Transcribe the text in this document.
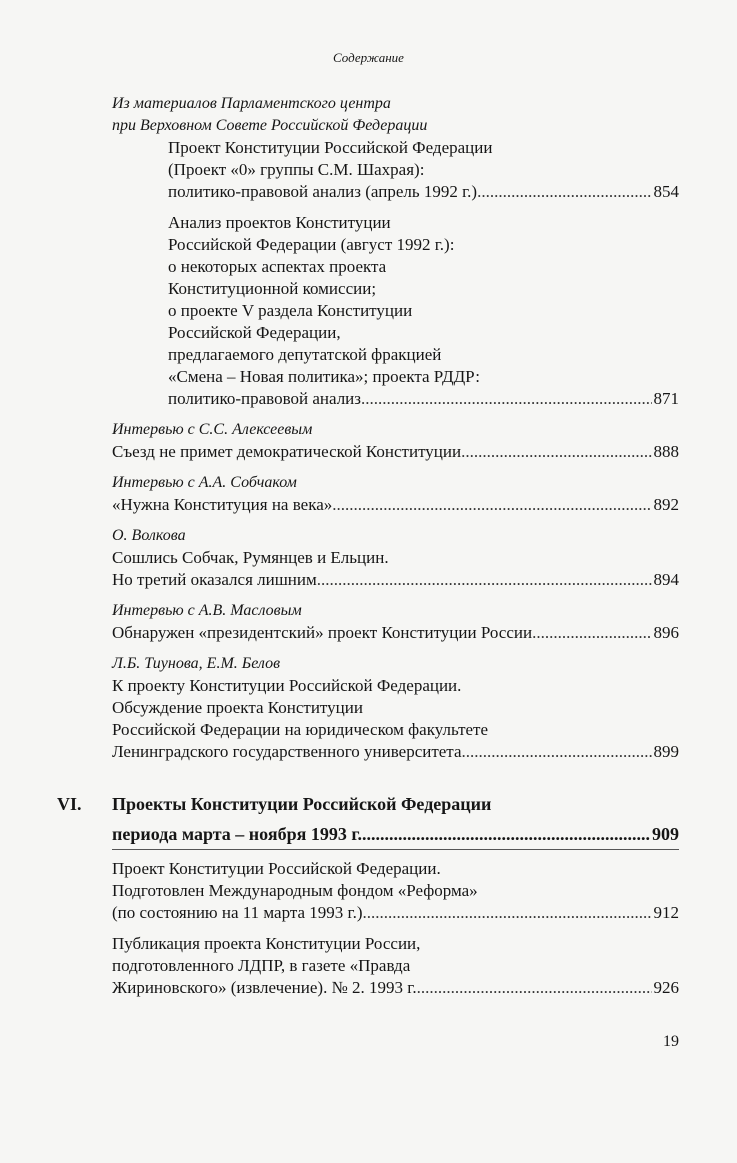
Содержание
Из материалов Парламентского центра
при Верховном Совете Российской Федерации
Проект Конституции Российской Федерации
(Проект «0» группы С.М. Шахрая):
политико-правовой анализ (апрель 1992 г.) .....	854
Анализ проектов Конституции
Российской Федерации (август 1992 г.):
о некоторых аспектах проекта
Конституционной комиссии;
о проекте V раздела Конституции
Российской Федерации,
предлагаемого депутатской фракцией
«Смена – Новая политика»; проекта РДДР:
политико-правовой анализ .....	871
Интервью с С.С. Алексеевым
Съезд не примет демократической Конституции .....	888
Интервью с А.А. Собчаком
«Нужна Конституция на века» .....	892
О. Волкова
Сошлись Собчак, Румянцев и Ельцин.
Но третий оказался лишним .....	894
Интервью с А.В. Масловым
Обнаружен «президентский» проект Конституции России .....	896
Л.Б. Тиунова, Е.М. Белов
К проекту Конституции Российской Федерации.
Обсуждение проекта Конституции
Российской Федерации на юридическом факультете
Ленинградского государственного университета .....	899
VI. Проекты Конституции Российской Федерации
периода марта – ноября 1993 г. .....	909
Проект Конституции Российской Федерации.
Подготовлен Международным фондом «Реформа»
(по состоянию на 11 марта 1993 г.) .....	912
Публикация проекта Конституции России,
подготовленного ЛДПР, в газете «Правда
Жириновского» (извлечение). № 2. 1993 г. .....	926
19
